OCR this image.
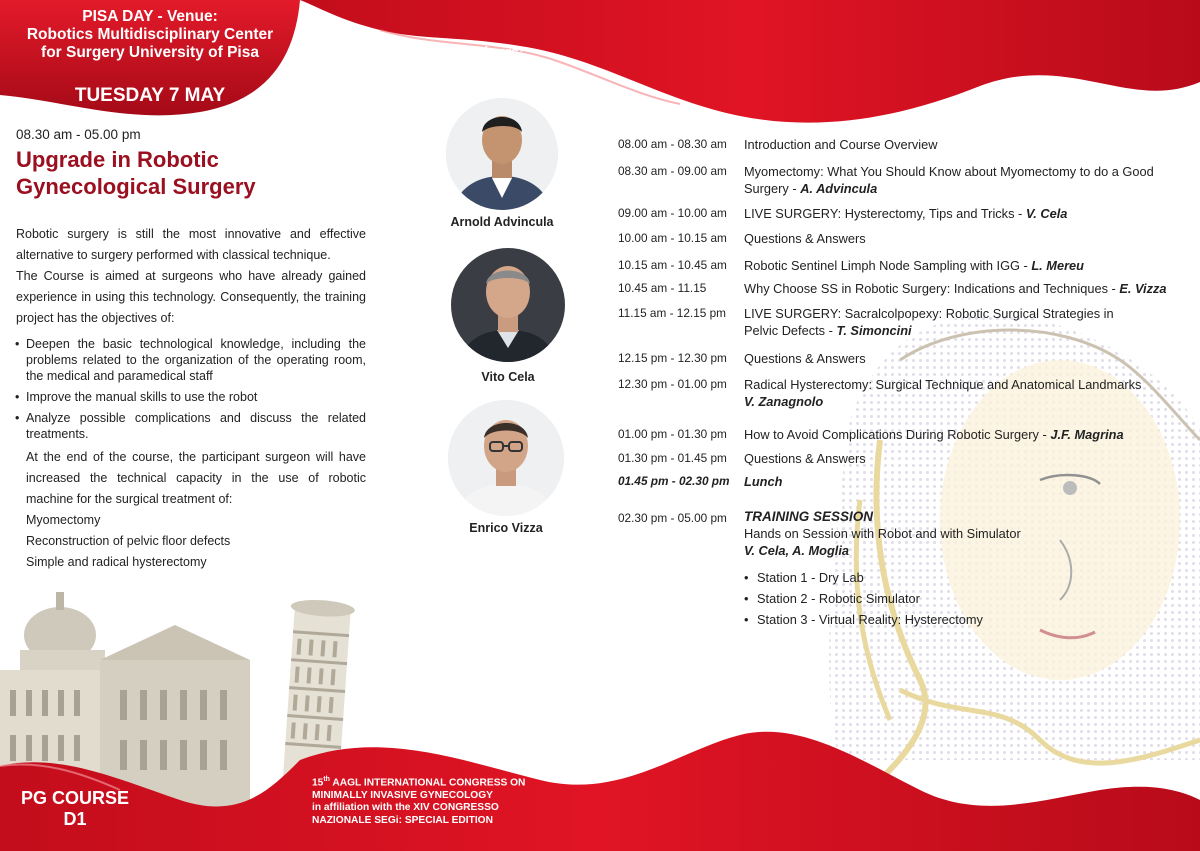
PISA DAY - Venue:
Robotics Multidisciplinary Center
for Surgery University of Pisa
TUESDAY 7 MAY
Chairs:
08.30 am - 05.00 pm
Upgrade in Robotic
Gynecological Surgery

Robotic surgery is still the most innovative and effective alternative to surgery performed with classical technique.

The Course is aimed at surgeons who have already gained experience in using this technology. Consequently, the training project has the objectives of:

• Deepen the basic technological knowledge, including the problems related to the organization of the operating room, the medical and paramedical staff
• Improve the manual skills to use the robot
• Analyze possible complications and discuss the related treatments.

At the end of the course, the participant surgeon will have increased the technical capacity in the use of robotic machine for the surgical treatment of:

Myomectomy
Reconstruction of pelvic floor defects
Simple and radical hysterectomy
Arnold Advincula
Vito Cela
Enrico Vizza
08.00 am - 08.30 am	Introduction and Course Overview
08.30 am - 09.00 am	Myomectomy: What You Should Know about Myomectomy to do a Good Surgery - A. Advincula
09.00 am - 10.00 am	LIVE SURGERY: Hysterectomy, Tips and Tricks - V. Cela
10.00 am - 10.15 am	Questions & Answers
10.15 am - 10.45 am	Robotic Sentinel Limph Node Sampling with IGG - L. Mereu
10.45 am - 11.15	Why Choose SS in Robotic Surgery: Indications and Techniques - E. Vizza
11.15 am - 12.15 pm	LIVE SURGERY: Sacralcolpopexy: Robotic Surgical Strategies in Pelvic Defects - T. Simoncini
12.15 pm - 12.30 pm	Questions & Answers
12.30 pm - 01.00 pm	Radical Hysterectomy: Surgical Technique and Anatomical Landmarks
V. Zanagnolo
01.00 pm - 01.30 pm	How to Avoid Complications During Robotic Surgery - J.F. Magrina
01.30 pm - 01.45 pm	Questions & Answers
01.45 pm - 02.30 pm	Lunch
02.30 pm - 05.00 pm	TRAINING SESSION
Hands on Session with Robot and with Simulator
V. Cela, A. Moglia
• Station 1 - Dry Lab
• Station 2 - Robotic Simulator
• Station 3 - Virtual Reality: Hysterectomy
PG COURSE
D1
15th AAGL INTERNATIONAL CONGRESS ON
MINIMALLY INVASIVE GYNECOLOGY
in affiliation with the XIV CONGRESSO
NAZIONALE SEGi: SPECIAL EDITION
